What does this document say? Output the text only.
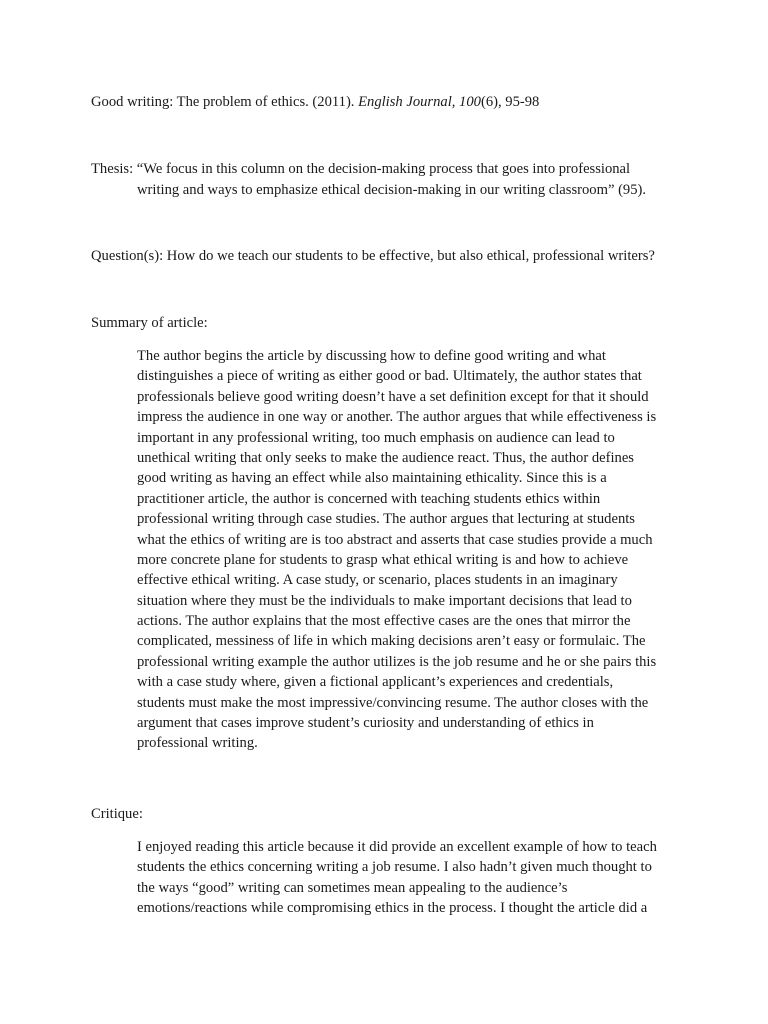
Good writing: The problem of ethics. (2011). English Journal, 100(6), 95-98

Thesis: “We focus in this column on the decision-making process that goes into professional

writing and ways to emphasize ethical decision-making in our writing classroom” (95).

Question(s): How do we teach our students to be effective, but also ethical, professional writers?

Summary of article:

The author begins the article by discussing how to define good writing and what
distinguishes a piece of writing as either good or bad. Ultimately, the author states that
professionals believe good writing doesn’t have a set definition except for that it should
impress the audience in one way or another. The author argues that while effectiveness is
important in any professional writing, too much emphasis on audience can lead to
unethical writing that only seeks to make the audience react. Thus, the author defines
good writing as having an effect while also maintaining ethicality. Since this is a
practitioner article, the author is concerned with teaching students ethics within
professional writing through case studies. The author argues that lecturing at students
what the ethics of writing are is too abstract and asserts that case studies provide a much
more concrete plane for students to grasp what ethical writing is and how to achieve
effective ethical writing. A case study, or scenario, places students in an imaginary
situation where they must be the individuals to make important decisions that lead to
actions. The author explains that the most effective cases are the ones that mirror the
complicated, messiness of life in which making decisions aren’t easy or formulaic. The
professional writing example the author utilizes is the job resume and he or she pairs this
with a case study where, given a fictional applicant’s experiences and credentials,
students must make the most impressive/convincing resume. The author closes with the
argument that cases improve student’s curiosity and understanding of ethics in
professional writing.

Critique:

I enjoyed reading this article because it did provide an excellent example of how to teach
students the ethics concerning writing a job resume. I also hadn’t given much thought to
the ways “good” writing can sometimes mean appealing to the audience’s
emotions/reactions while compromising ethics in the process. I thought the article did a
